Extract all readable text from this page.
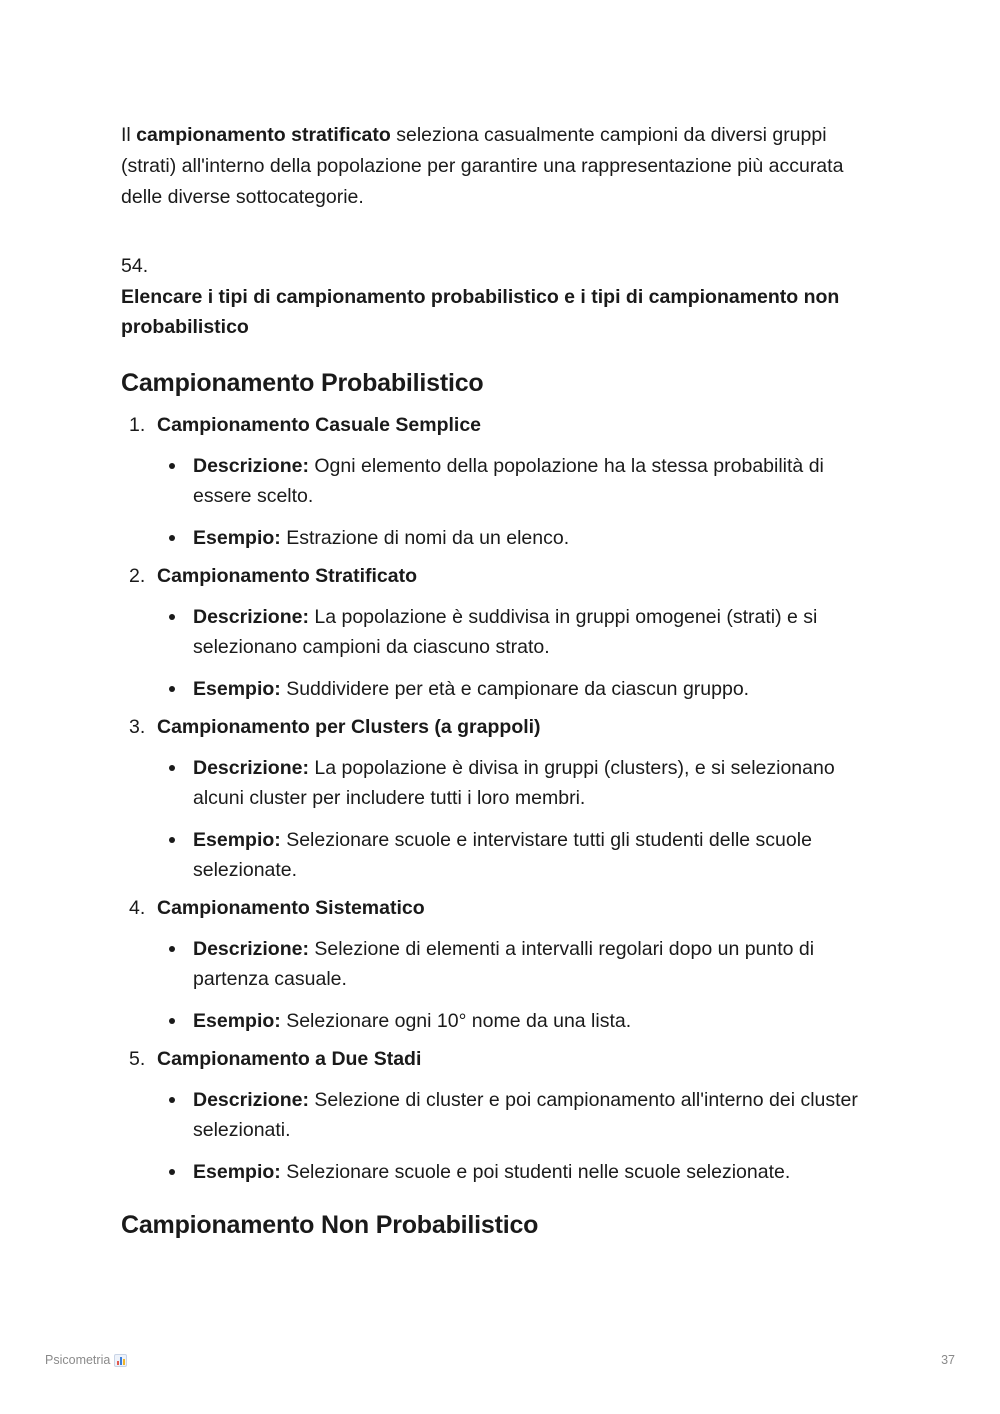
Il campionamento stratificato seleziona casualmente campioni da diversi gruppi (strati) all'interno della popolazione per garantire una rappresentazione più accurata delle diverse sottocategorie.

54.

Elencare i tipi di campionamento probabilistico e i tipi di campionamento non probabilistico

Campionamento Probabilistico
1. Campionamento Casuale Semplice
Descrizione: Ogni elemento della popolazione ha la stessa probabilità di essere scelto.
Esempio: Estrazione di nomi da un elenco.
2. Campionamento Stratificato
Descrizione: La popolazione è suddivisa in gruppi omogenei (strati) e si selezionano campioni da ciascuno strato.
Esempio: Suddividere per età e campionare da ciascun gruppo.
3. Campionamento per Clusters (a grappoli)
Descrizione: La popolazione è divisa in gruppi (clusters), e si selezionano alcuni cluster per includere tutti i loro membri.
Esempio: Selezionare scuole e intervistare tutti gli studenti delle scuole selezionate.
4. Campionamento Sistematico
Descrizione: Selezione di elementi a intervalli regolari dopo un punto di partenza casuale.
Esempio: Selezionare ogni 10° nome da una lista.
5. Campionamento a Due Stadi
Descrizione: Selezione di cluster e poi campionamento all'interno dei cluster selezionati.
Esempio: Selezionare scuole e poi studenti nelle scuole selezionate.
Campionamento Non Probabilistico
Psicometria	37
